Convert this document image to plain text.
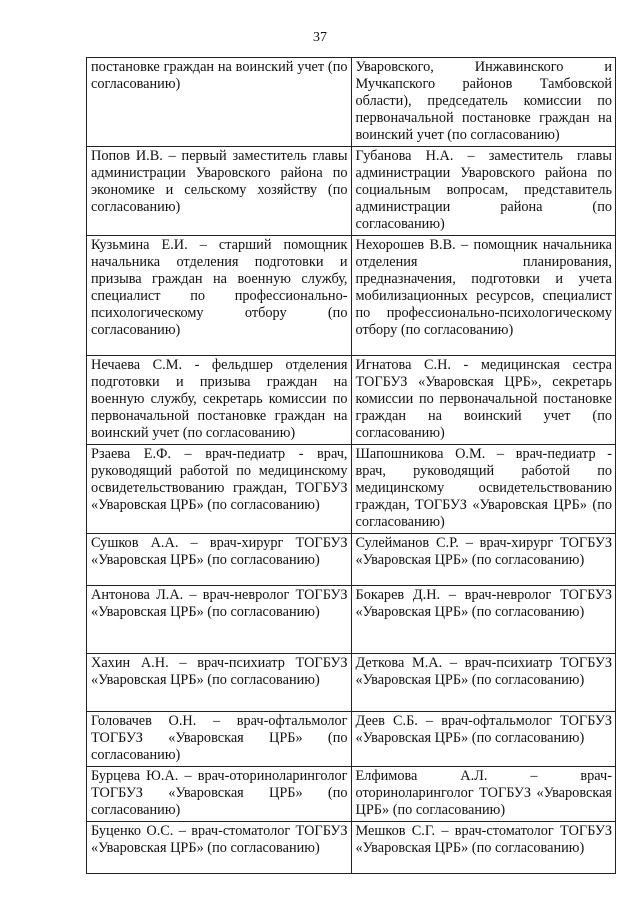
37
постановке граждан на воинский учет (по согласованию)	Уваровского, Инжавинского и Мучкапского районов Тамбовской области), председатель комиссии по первоначальной постановке граждан на воинский учет (по согласованию)

Попов И.В. – первый заместитель главы администрации Уваровского района по экономике и сельскому хозяйству (по согласованию)	Губанова Н.А. – заместитель главы администрации Уваровского района по социальным вопросам, представитель администрации района (по согласованию)

Кузьмина Е.И. – старший помощник начальника отделения подготовки и призыва граждан на военную службу, специалист по профессионально-психологическому отбору (по согласованию)	Нехорошев В.В. – помощник начальника отделения планирования, предназначения, подготовки и учета мобилизационных ресурсов, специалист по профессионально-психологическому отбору (по согласованию)

Нечаева С.М. - фельдшер отделения подготовки и призыва граждан на военную службу, секретарь комиссии по первоначальной постановке граждан на воинский учет (по согласованию)	Игнатова С.Н. - медицинская сестра ТОГБУЗ «Уваровская ЦРБ», секретарь комиссии по первоначальной постановке граждан на воинский учет (по согласованию)

Рзаева Е.Ф. – врач-педиатр - врач, руководящий работой по медицинскому освидетельствованию граждан, ТОГБУЗ «Уваровская ЦРБ» (по согласованию)	Шапошникова О.М. – врач-педиатр - врач, руководящий работой по медицинскому освидетельствованию граждан, ТОГБУЗ «Уваровская ЦРБ» (по согласованию)

Сушков А.А. – врач-хирург ТОГБУЗ «Уваровская ЦРБ» (по согласованию)	Сулейманов С.Р. – врач-хирург ТОГБУЗ «Уваровская ЦРБ» (по согласованию)

Антонова Л.А. – врач-невролог ТОГБУЗ «Уваровская ЦРБ» (по согласованию)	Бокарев Д.Н. – врач-невролог ТОГБУЗ «Уваровская ЦРБ» (по согласованию)

Хахин А.Н. – врач-психиатр ТОГБУЗ «Уваровская ЦРБ» (по согласованию)	Деткова М.А. – врач-психиатр ТОГБУЗ «Уваровская ЦРБ» (по согласованию)

Головачев О.Н. – врач-офтальмолог ТОГБУЗ «Уваровская ЦРБ» (по согласованию)	Деев С.Б. – врач-офтальмолог ТОГБУЗ «Уваровская ЦРБ» (по согласованию)

Бурцева Ю.А. – врач-оториноларинголог ТОГБУЗ «Уваровская ЦРБ» (по согласованию)	Елфимова А.Л. – врач-оториноларинголог ТОГБУЗ «Уваровская ЦРБ» (по согласованию)

Буценко О.С. – врач-стоматолог ТОГБУЗ «Уваровская ЦРБ» (по согласованию)	Мешков С.Г. – врач-стоматолог ТОГБУЗ «Уваровская ЦРБ» (по согласованию)
